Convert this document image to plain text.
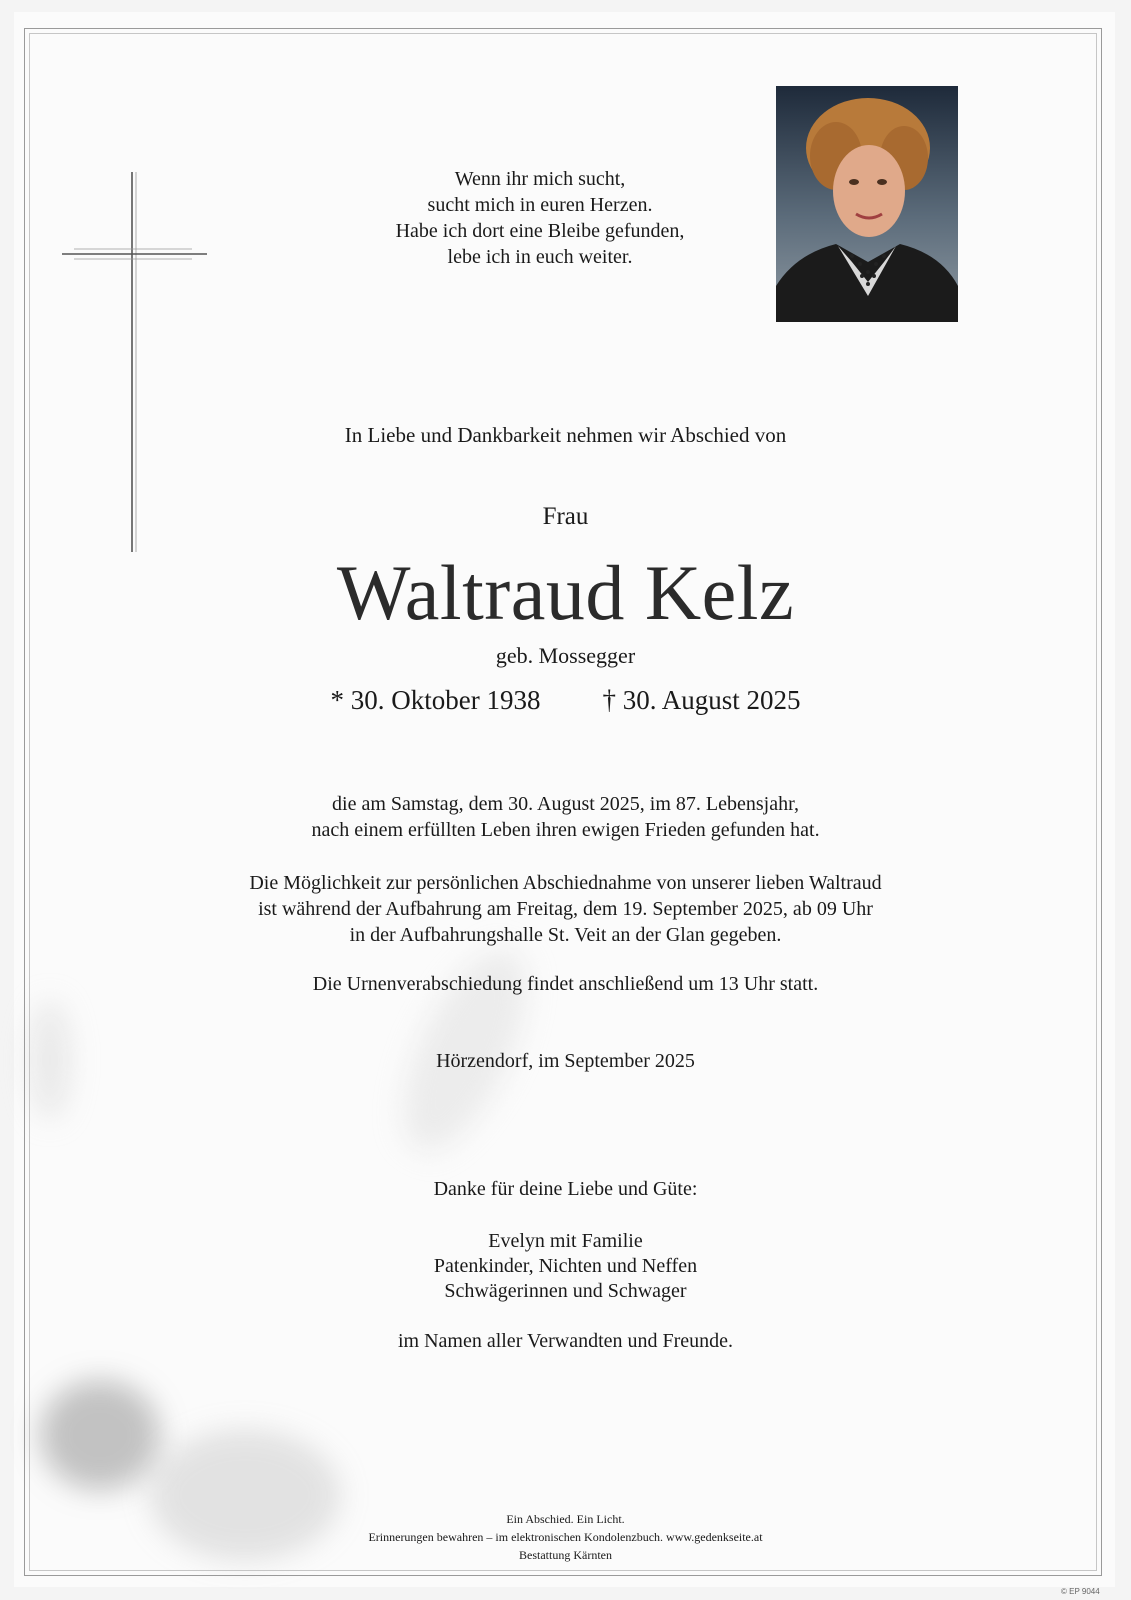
Wenn ihr mich sucht,
sucht mich in euren Herzen.
Habe ich dort eine Bleibe gefunden,
lebe ich in euch weiter.
In Liebe und Dankbarkeit nehmen wir Abschied von
Frau
Waltraud Kelz
geb. Mossegger
* 30. Oktober 1938 † 30. August 2025
die am Samstag, dem 30. August 2025, im 87. Lebensjahr,
nach einem erfüllten Leben ihren ewigen Frieden gefunden hat.
Die Möglichkeit zur persönlichen Abschiednahme von unserer lieben Waltraud
ist während der Aufbahrung am Freitag, dem 19. September 2025, ab 09 Uhr
in der Aufbahrungshalle St. Veit an der Glan gegeben.
Die Urnenverabschiedung findet anschließend um 13 Uhr statt.
Hörzendorf, im September 2025
Danke für deine Liebe und Güte:
Evelyn mit Familie
Patenkinder, Nichten und Neffen
Schwägerinnen und Schwager
im Namen aller Verwandten und Freunde.
Ein Abschied. Ein Licht.
Erinnerungen bewahren – im elektronischen Kondolenzbuch. www.gedenkseite.at
Bestattung Kärnten
© EP 9044
